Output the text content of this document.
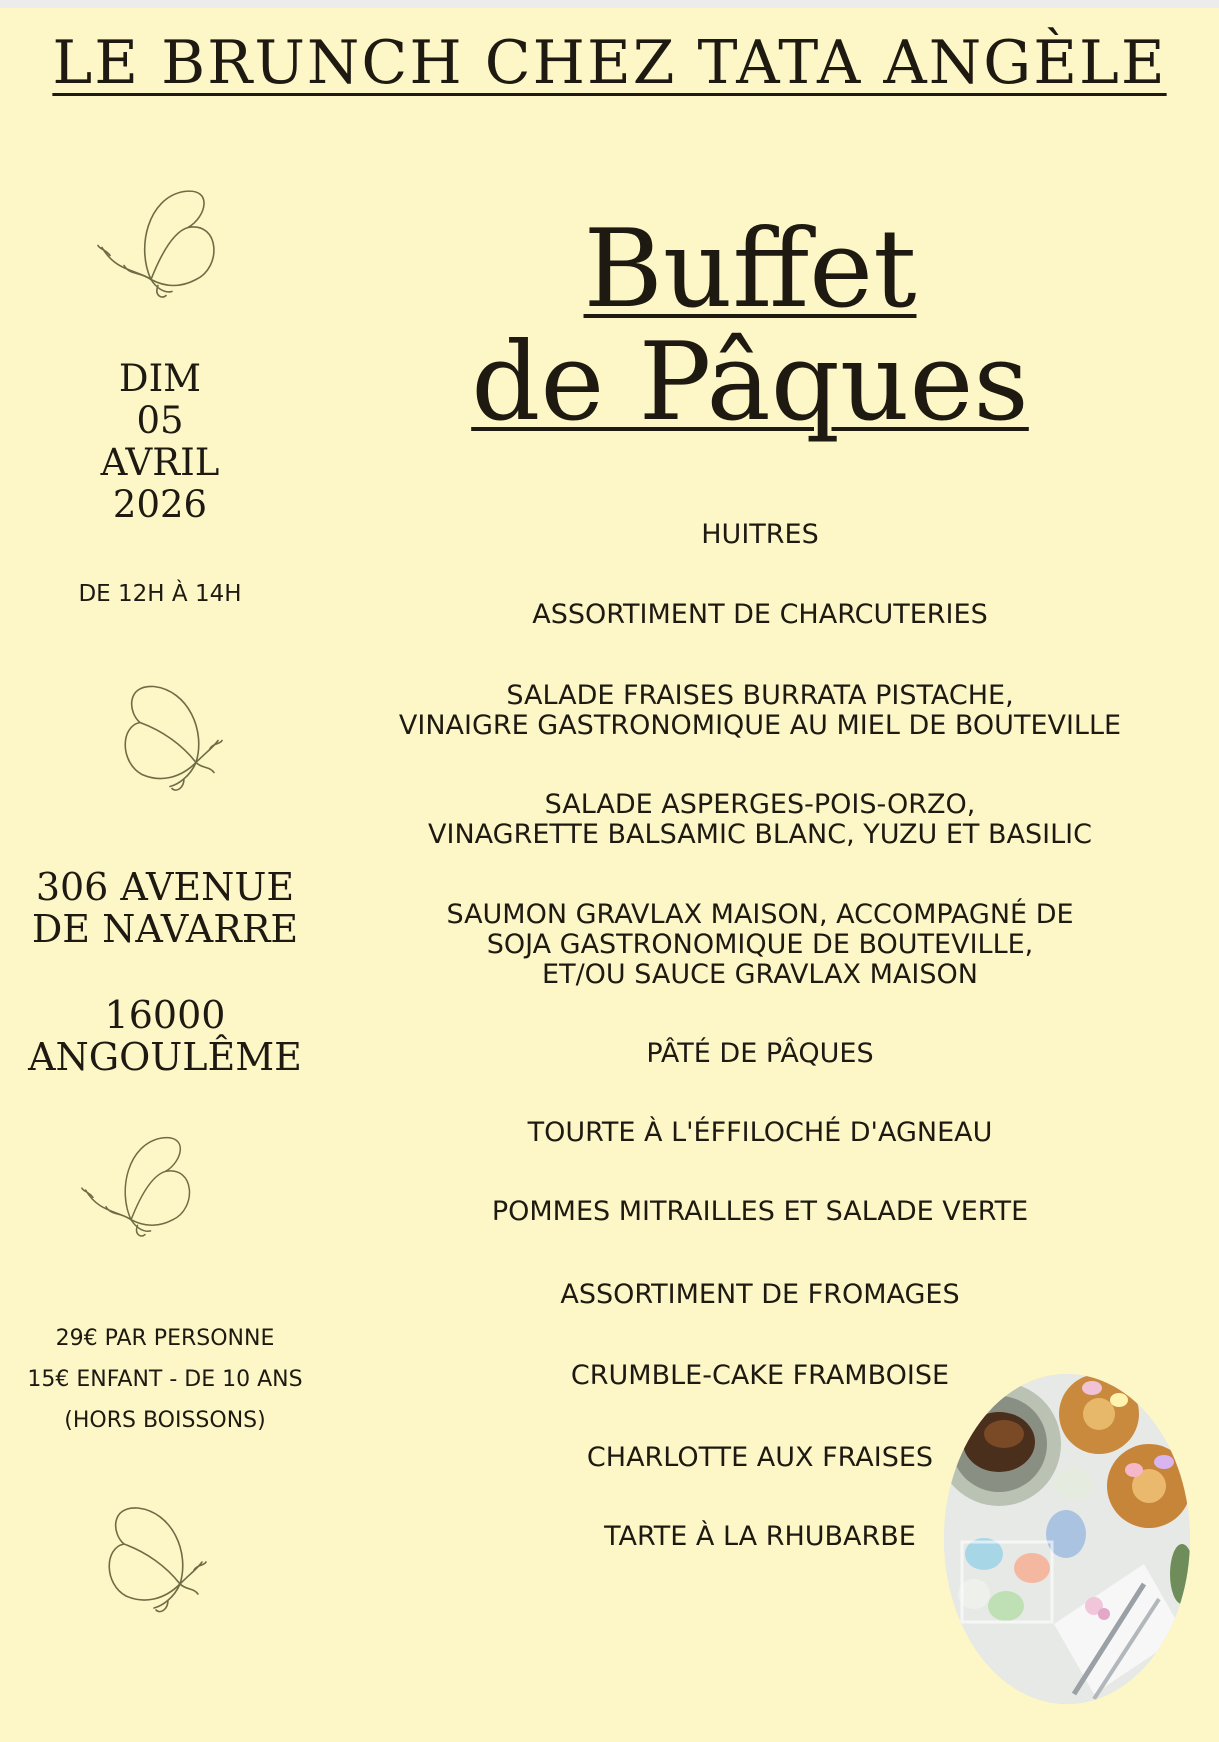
LE BRUNCH CHEZ TATA ANGÈLE
Buffet
de Pâques
DIM
05
AVRIL
2026
DE 12H À 14H
306 AVENUE
DE NAVARRE
16000
ANGOULÊME
29€ PAR PERSONNE
15€ ENFANT - DE 10 ANS
(HORS BOISSONS)
HUITRES
ASSORTIMENT DE CHARCUTERIES
SALADE FRAISES BURRATA PISTACHE,
VINAIGRE GASTRONOMIQUE AU MIEL DE BOUTEVILLE
SALADE ASPERGES-POIS-ORZO,
VINAGRETTE BALSAMIC BLANC, YUZU ET BASILIC
SAUMON GRAVLAX MAISON, ACCOMPAGNÉ DE
SOJA GASTRONOMIQUE DE BOUTEVILLE,
ET/OU SAUCE GRAVLAX MAISON
PÂTÉ DE PÂQUES
TOURTE À L'ÉFFILOCHÉ D'AGNEAU
POMMES MITRAILLES ET SALADE VERTE
ASSORTIMENT DE FROMAGES
CRUMBLE-CAKE FRAMBOISE
CHARLOTTE AUX FRAISES
TARTE À LA RHUBARBE
